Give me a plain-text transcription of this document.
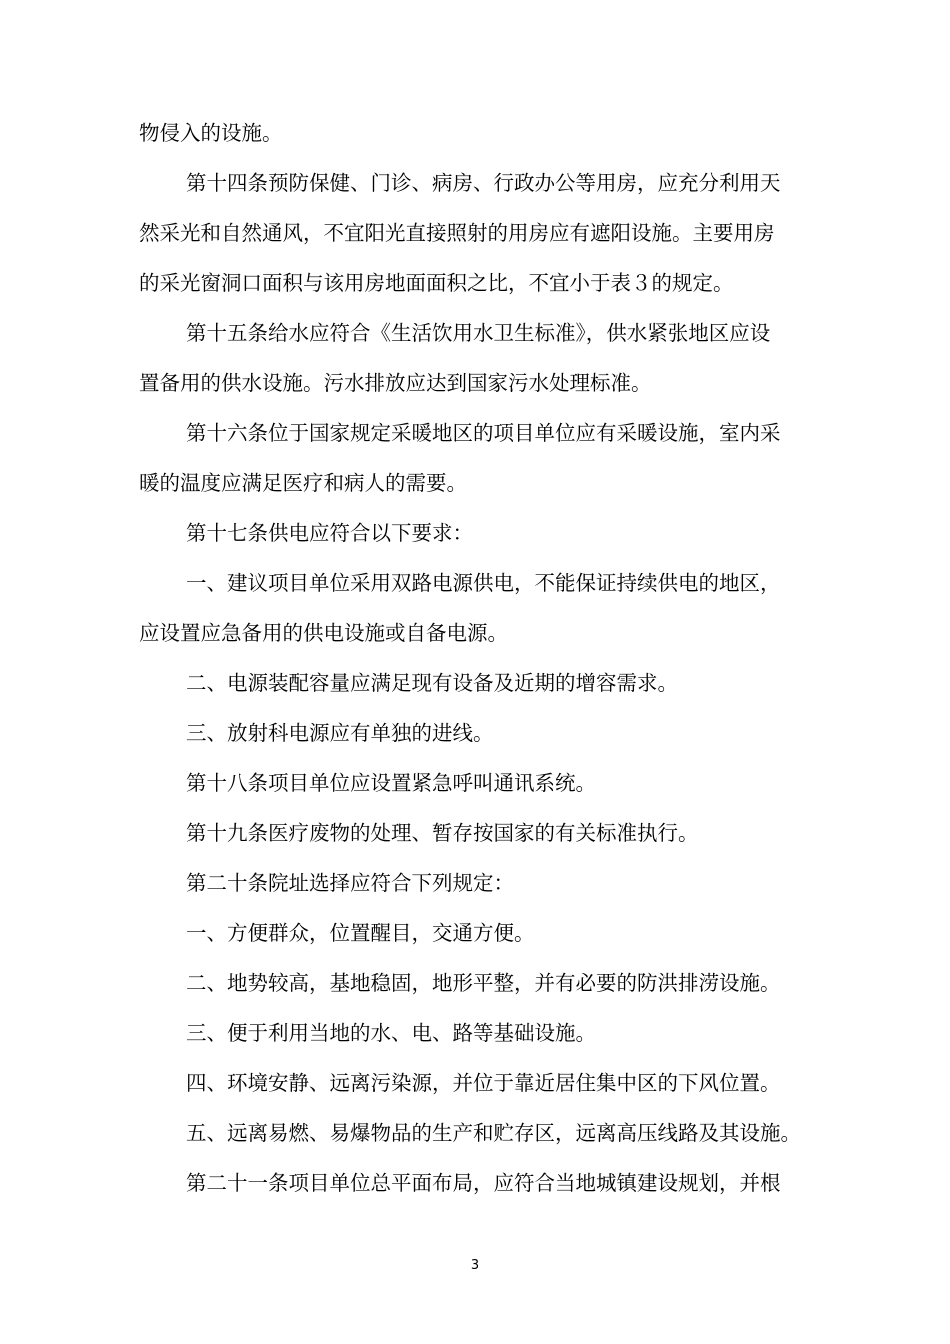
物侵入的设施。

第十四条预防保健、门诊、病房、行政办公等用房，应充分利用天

然采光和自然通风，不宜阳光直接照射的用房应有遮阳设施。主要用房

的采光窗洞口面积与该用房地面面积之比，不宜小于表３的规定。

第十五条给水应符合《生活饮用水卫生标准》，供水紧张地区应设

置备用的供水设施。污水排放应达到国家污水处理标准。

第十六条位于国家规定采暖地区的项目单位应有采暖设施，室内采

暖的温度应满足医疗和病人的需要。

第十七条供电应符合以下要求：

一、建议项目单位采用双路电源供电，不能保证持续供电的地区，

应设置应急备用的供电设施或自备电源。

二、电源装配容量应满足现有设备及近期的增容需求。

三、放射科电源应有单独的进线。

第十八条项目单位应设置紧急呼叫通讯系统。

第十九条医疗废物的处理、暂存按国家的有关标准执行。

第二十条院址选择应符合下列规定：

一、方便群众，位置醒目，交通方便。

二、地势较高，基地稳固，地形平整，并有必要的防洪排涝设施。

三、便于利用当地的水、电、路等基础设施。

四、环境安静、远离污染源，并位于靠近居住集中区的下风位置。

五、远离易燃、易爆物品的生产和贮存区，远离高压线路及其设施。

第二十一条项目单位总平面布局，应符合当地城镇建设规划，并根

3
